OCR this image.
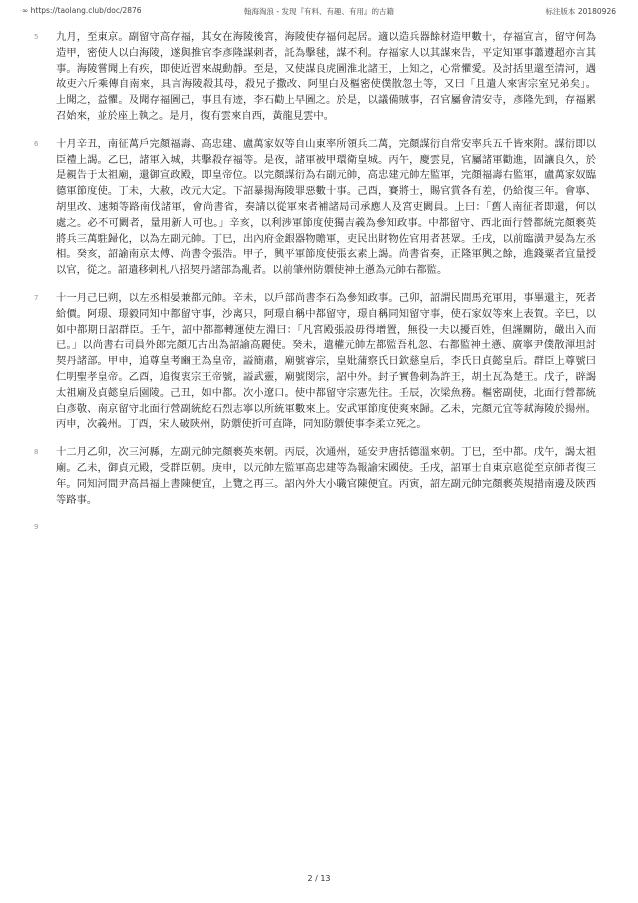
∞ https://taolang.club/doc/2876	翰海淘浪 - 发现『有料、有趣、有用』的古籍	标注版本 20180926
5 九月，至東京。副留守高存福，其女在海陵後宮，海陵使存福伺起居。適以造兵器餘材造甲數十，存福宣言，留守何為造甲，密使人以白海陵，遂與推官李彥隆謀刺者，託為擊毬，謀不利。存福家人以其謀來告，平定知軍事蕭遵超亦言其事。海陵嘗聞上有疾，即使近習來覘動靜。至是，又使謀良虎圖淮北諸王，上知之，心常懼愛。及討括里還至清河，遇故吏六斤乘傳自南來，具言海陵殺其母，殺兄子撒改、阿里白及樞密使僕散忽土等，又曰「且遣人來害宗室兄弟矣」。上聞之，益懼。及聞存福圖己，事且有迹，李石勸上早圖之。於是，以議備賊事，召官屬會清安寺，彥隆先到，存福累召始來，並於座上執之。是月，復有雲來自西，黃龍見雲中。
6 十月辛丑，南征萬戶完顏福壽、高忠建、盧萬家奴等自山東率所領兵二萬，完顏謀衍自常安率兵五千皆來附。謀衍即以臣禮上謁。乙巳，諸軍入城，共擊殺存福等。是夜，諸軍被甲環衛皇城。丙午，慶雲見，官屬諸軍勸進，固讓良久，於是親告于太祖廟，還御宣政殿，即皇帝位。以完顏謀衍為右副元帥，高忠建元帥左監軍，完顏福壽右監軍，盧萬家奴臨德軍節度使。丁未，大赦，改元大定。下詔暴揚海陵罪惡數十事。己酉，賽將士，賜官賞各有差，仍給復三年。會寧、胡里改、速頻等路南伐諸軍，會尚書省，奏請以從軍來者補諸局司承應人及宮吏闕員。上曰：「舊人南征者即還，何以處之。必不可闕者，量用新人可也。」辛亥，以利涉軍節度使獨吉義為參知政事。中都留守、西北面行營都統完顏褻英將兵三萬駐歸化，以為左副元帥。丁巳，出內府金銀器物贍軍，吏民出財物佐官用者甚眾。壬戌，以前臨潢尹晏為左丞相。癸亥，詔諭南京太傅、尚書令張浩。甲子，興平軍節度使張玄素上謁。尚書省奏，正隆軍興之餘，進錢粟者宜量授以官，從之。詔遣移剌札八招契丹諸部為亂者。以前肇州防禦使神土懣為元帥右都監。
7 十一月己巳朔，以左丞相晏兼都元帥。辛未，以戶部尚書李石為參知政事。己卯，詔謂民間馬充軍用，事畢還主，死者給價。阿璟、璟毅同知中都留守事，沙离只，阿璟自稱中都留守，璟自稱同知留守事，使石家奴等來上表賀。辛巳，以如中都期日詔群臣。壬午，詔中都都轉運使左淵曰：「凡宮殿張設毋得增置，無役一夫以擾百姓，但謹關防，嚴出入而已。」以尚書右司員外郎完顏兀古出為詔諭高麗使。癸未，遣權元帥左都監吾札忽、右都監神土懣、廣寧尹僕散渾坦討契丹諸部。甲申，追尊皇考豳王為皇帝，謚簡肅，廟號睿宗，皇妣蒲察氏日欽慈皇后，李氏日貞懿皇后。群臣上尊號曰仁明聖孝皇帝。乙酉，追復衷宗王帝號，謚武靈，廟號閔宗，詔中外。封子實鲁剌為許王，胡土瓦為楚王。戊子，辟謁太祖廟及貞懿皇后園陵。己丑，如中都。次小遼口。使中都留守宗憲先往。壬辰，次梁魚務。樞密副使，北面行營都統白彥敬、南京留守北面行營副統紇石烈志寧以所統軍數來上。安武軍節度使爽來歸。乙未，完顏元宜等弒海陵於揚州。丙申，次義州。丁酉，宋人破陝州，防禦使折可直降，同知防禦使事李柔立死之。
8 十二月乙卯，次三河縣，左副元帥完顏褻英來朝。丙辰，次通州，延安尹唐括德溫來朝。丁巳，至中都。戊午，謁太祖廟。乙未，御貞元殿，受群臣朝。庚申，以元帥左監軍高忠建等為報諭宋國使。壬戌，詔軍士自東京扈從至京師者復三年。同知河間尹高昌福上書陳便宜，上覽之再三。詔內外大小職官陳便宜。丙寅，詔左副元帥完顏褻英規措南邊及陝西等路事。
9
2 / 13
